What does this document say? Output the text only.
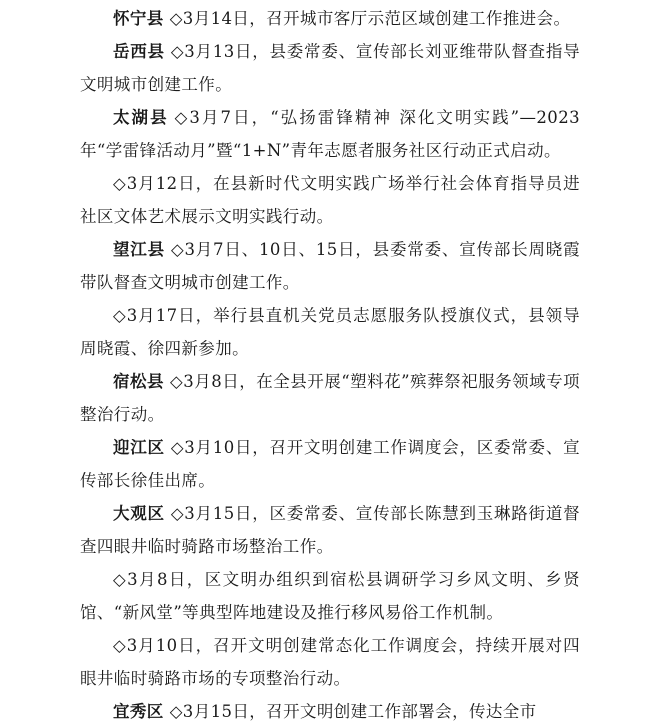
怀宁县 ◇3月14日，召开城市客厅示范区域创建工作推进会。

岳西县 ◇3月13日，县委常委、宣传部长刘亚维带队督查指导文明城市创建工作。

太湖县 ◇3月7日，“弘扬雷锋精神 深化文明实践”—2023年“学雷锋活动月”暨“1+N”青年志愿者服务社区行动正式启动。

◇3月12日，在县新时代文明实践广场举行社会体育指导员进社区文体艺术展示文明实践行动。

望江县 ◇3月7日、10日、15日，县委常委、宣传部长周晓霞带队督查文明城市创建工作。

◇3月17日，举行县直机关党员志愿服务队授旗仪式，县领导周晓霞、徐四新参加。

宿松县 ◇3月8日，在全县开展“塑料花”殡葬祭祀服务领域专项整治行动。

迎江区 ◇3月10日，召开文明创建工作调度会，区委常委、宣传部长徐佳出席。

大观区 ◇3月15日，区委常委、宣传部长陈慧到玉琳路街道督查四眼井临时骑路市场整治工作。

◇3月8日，区文明办组织到宿松县调研学习乡风文明、乡贤馆、“新风堂”等典型阵地建设及推行移风易俗工作机制。

◇3月10日，召开文明创建常态化工作调度会，持续开展对四眼井临时骑路市场的专项整治行动。

宜秀区 ◇3月15日，召开文明创建工作部署会，传达全市
